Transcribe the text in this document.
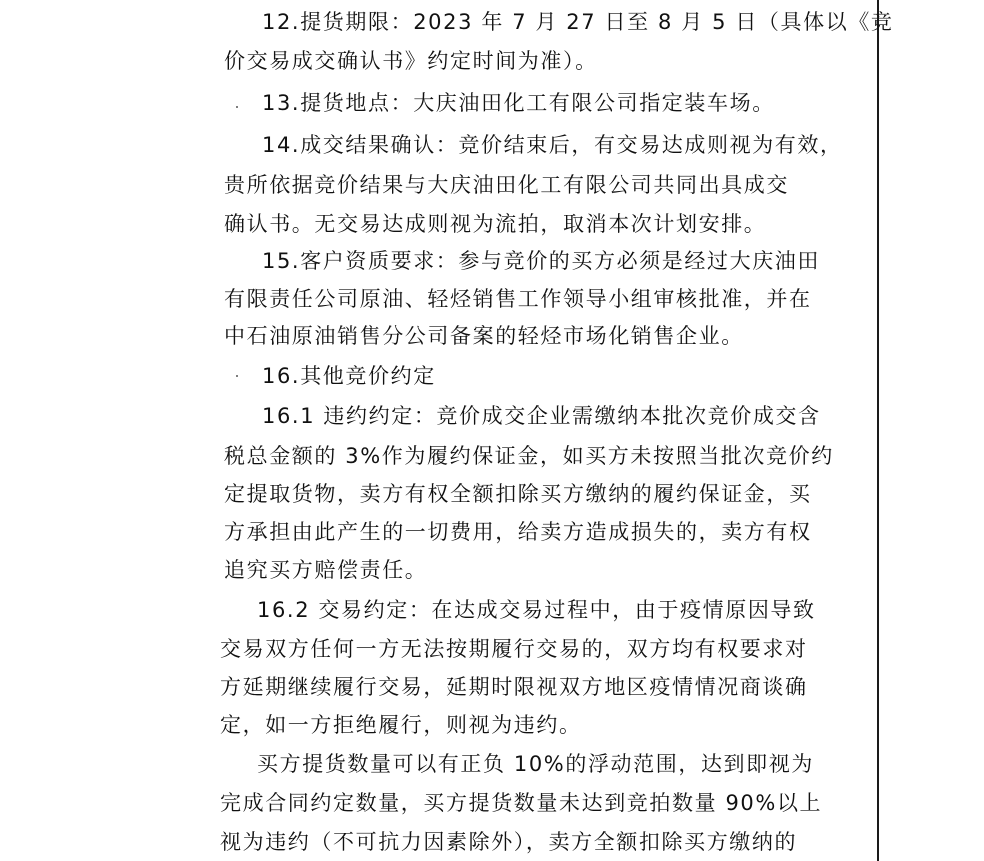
12.提货期限：2023 年 7 月 27 日至 8 月 5 日（具体以《竞
价交易成交确认书》约定时间为准）。
13.提货地点：大庆油田化工有限公司指定装车场。
14.成交结果确认：竞价结束后，有交易达成则视为有效，
贵所依据竞价结果与大庆油田化工有限公司共同出具成交
确认书。无交易达成则视为流拍，取消本次计划安排。
15.客户资质要求：参与竞价的买方必须是经过大庆油田
有限责任公司原油、轻烃销售工作领导小组审核批准，并在
中石油原油销售分公司备案的轻烃市场化销售企业。
16.其他竞价约定
16.1 违约约定：竞价成交企业需缴纳本批次竞价成交含
税总金额的 3%作为履约保证金，如买方未按照当批次竞价约
定提取货物，卖方有权全额扣除买方缴纳的履约保证金，买
方承担由此产生的一切费用，给卖方造成损失的，卖方有权
追究买方赔偿责任。
16.2 交易约定：在达成交易过程中，由于疫情原因导致
交易双方任何一方无法按期履行交易的，双方均有权要求对
方延期继续履行交易，延期时限视双方地区疫情情况商谈确
定，如一方拒绝履行，则视为违约。
买方提货数量可以有正负 10%的浮动范围，达到即视为
完成合同约定数量，买方提货数量未达到竞拍数量 90%以上
视为违约（不可抗力因素除外），卖方全额扣除买方缴纳的
